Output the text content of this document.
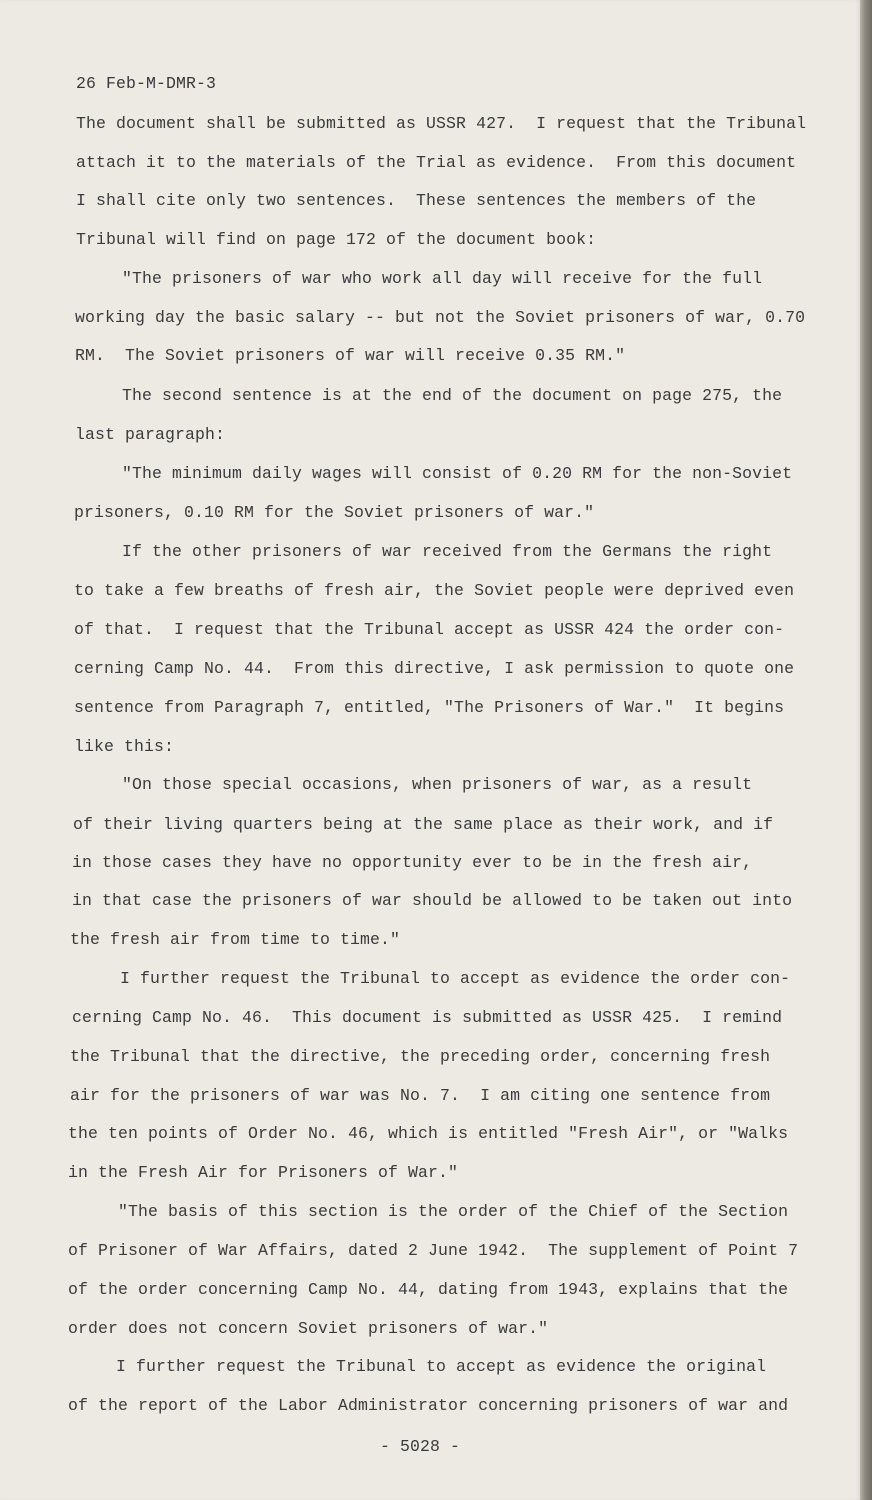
26 Feb-M-DMR-3
The document shall be submitted as USSR 427.  I request that the Tribunal
attach it to the materials of the Trial as evidence.  From this document
I shall cite only two sentences.  These sentences the members of the
Tribunal will find on page 172 of the document book:
"The prisoners of war who work all day will receive for the full
working day the basic salary -- but not the Soviet prisoners of war, 0.70
RM.  The Soviet prisoners of war will receive 0.35 RM."
The second sentence is at the end of the document on page 275, the
last paragraph:
"The minimum daily wages will consist of 0.20 RM for the non-Soviet
prisoners, 0.10 RM for the Soviet prisoners of war."
If the other prisoners of war received from the Germans the right
to take a few breaths of fresh air, the Soviet people were deprived even
of that.  I request that the Tribunal accept as USSR 424 the order con-
cerning Camp No. 44.  From this directive, I ask permission to quote one
sentence from Paragraph 7, entitled, "The Prisoners of War."  It begins
like this:
"On those special occasions, when prisoners of war, as a result
of their living quarters being at the same place as their work, and if
in those cases they have no opportunity ever to be in the fresh air,
in that case the prisoners of war should be allowed to be taken out into
the fresh air from time to time."
I further request the Tribunal to accept as evidence the order con-
cerning Camp No. 46.  This document is submitted as USSR 425.  I remind
the Tribunal that the directive, the preceding order, concerning fresh
air for the prisoners of war was No. 7.  I am citing one sentence from
the ten points of Order No. 46, which is entitled "Fresh Air", or "Walks
in the Fresh Air for Prisoners of War."
"The basis of this section is the order of the Chief of the Section
of Prisoner of War Affairs, dated 2 June 1942.  The supplement of Point 7
of the order concerning Camp No. 44, dating from 1943, explains that the
order does not concern Soviet prisoners of war."
I further request the Tribunal to accept as evidence the original
of the report of the Labor Administrator concerning prisoners of war and
- 5028 -
